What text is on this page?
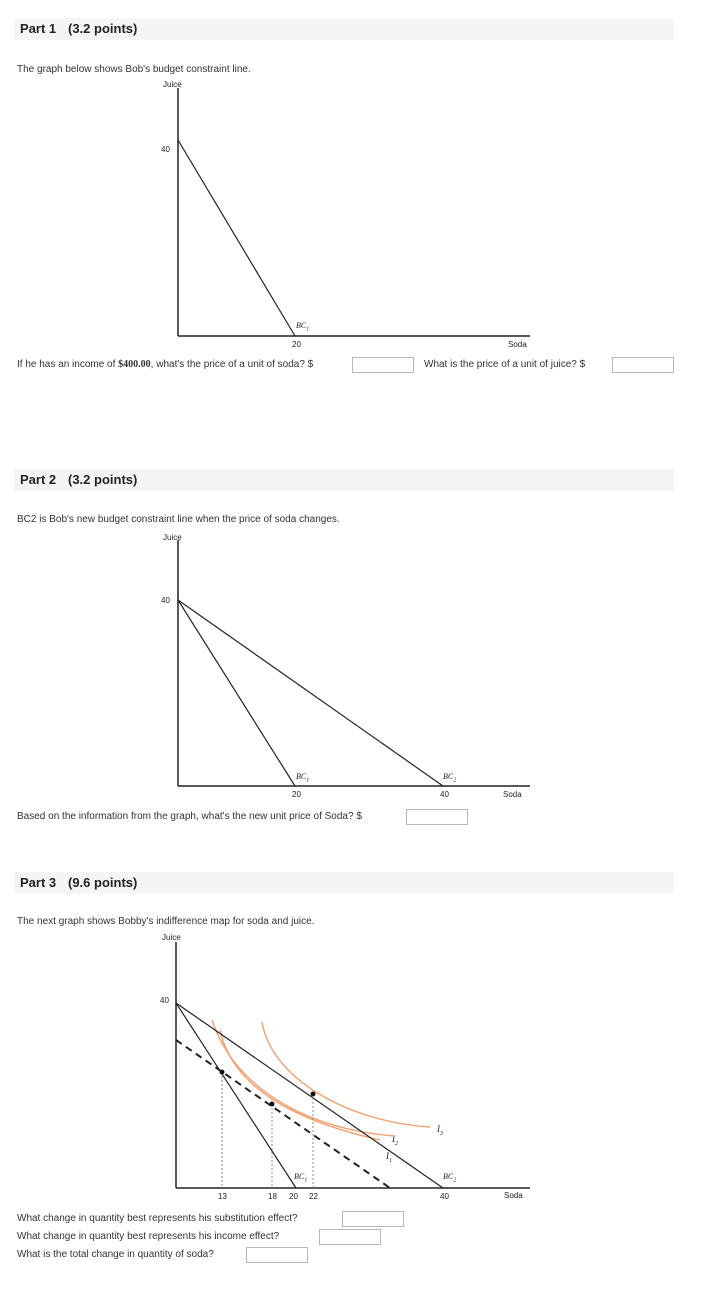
Part 1 (3.2 points)
The graph below shows Bob's budget constraint line.
Juice
40
20	Soda
$BC_1$
If he has an income of $400.00, what's the price of a unit of soda? $	What is the price of a unit of juice? $
Part 2 (3.2 points)
BC2 is Bob's new budget constraint line when the price of soda changes.
Juice
40
20	40	Soda
$BC_1$	$BC_2$
Based on the information from the graph, what's the new unit price of Soda? $
Part 3 (9.6 points)
The next graph shows Bobby's indifference map for soda and juice.
Juice
40
13	18 20 22	40	Soda
$BC_1$	$BC_2$
$I_1$
$I_2$
$I_3$
What change in quantity best represents his substitution effect?
What change in quantity best represents his income effect?
What is the total change in quantity of soda?
